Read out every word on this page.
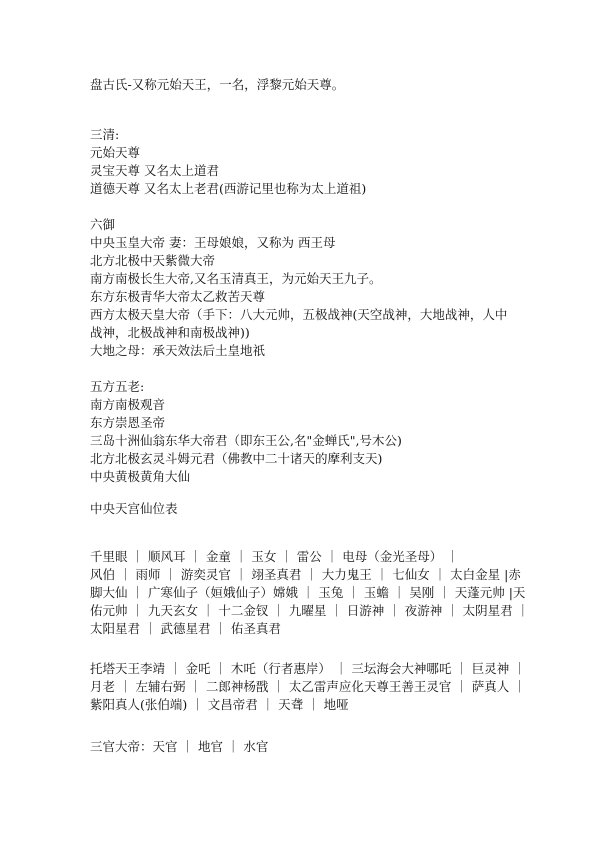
盘古氏-又称元始天王，一名，浮黎元始天尊。
三清:
元始天尊
灵宝天尊 又名太上道君
道德天尊 又名太上老君(西游记里也称为太上道祖)
六御
中央玉皇大帝 妻：王母娘娘，又称为 西王母
北方北极中天紫微大帝
南方南极长生大帝,又名玉清真王，为元始天王九子。
东方东极青华大帝太乙救苦天尊
西方太极天皇大帝（手下：八大元帅，五极战神(天空战神，大地战神，人中战神，北极战神和南极战神))
大地之母：承天效法后土皇地祇
五方五老:
南方南极观音
东方崇恩圣帝
三岛十洲仙翁东华大帝君（即东王公,名"金蝉氏",号木公)
北方北极玄灵斗姆元君（佛教中二十诸天的摩利支天)
中央黄极黄角大仙
中央天宫仙位表
千里眼 ｜ 顺风耳 ｜ 金童 ｜ 玉女 ｜ 雷公 ｜ 电母（金光圣母） ｜
风伯 ｜ 雨师 ｜ 游奕灵官 ｜ 翊圣真君 ｜ 大力鬼王 ｜ 七仙女 ｜ 太白金星 |赤
脚大仙 ｜ 广寒仙子（姮娥仙子）嫦娥 ｜ 玉兔 ｜ 玉蟾 ｜ 吴刚 ｜ 天蓬元帅 |天
佑元帅 ｜ 九天玄女 ｜ 十二金钗 ｜ 九曜星 ｜ 日游神 ｜ 夜游神 ｜ 太阴星君 ｜
太阳星君 ｜ 武德星君 ｜ 佑圣真君
托塔天王李靖 ｜ 金吒 ｜ 木吒（行者惠岸） ｜ 三坛海会大神哪吒 ｜ 巨灵神 ｜
月老 ｜ 左辅右弼 ｜ 二郎神杨戬 ｜ 太乙雷声应化天尊王善王灵官 ｜ 萨真人 ｜
紫阳真人(张伯端) ｜ 文昌帝君 ｜ 天聋 ｜ 地哑
三官大帝：天官 ｜ 地官 ｜ 水官
